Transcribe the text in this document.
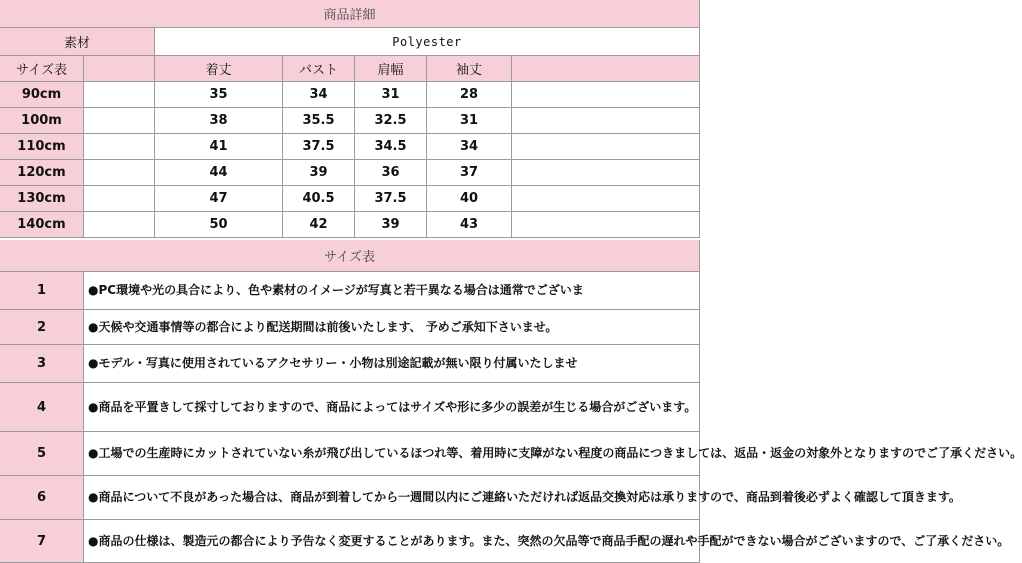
商品詳細
素材	Polyester
サイズ表	着丈	バスト	肩幅	袖丈
90cm	35	34	31	28
100m	38	35.5	32.5	31
110cm	41	37.5	34.5	34
120cm	44	39	36	37
130cm	47	40.5	37.5	40
140cm	50	42	39	43
サイズ表
1	●PC環境や光の具合により、色や素材のイメージが写真と若干異なる場合は通常でございま
2	●天候や交通事情等の都合により配送期間は前後いたします、 予めご承知下さいませ。
3	●モデル・写真に使用されているアクセサリー・小物は別途記載が無い限り付属いたしませ
4	●商品を平置きして採寸しておりますので、商品によってはサイズや形に多少の誤差が生 じる場合がございます。
5	●工場での生産時にカットされていない糸が飛び出しているほつれ等、着用時に支障がな い程度の商品につきましては、返品・返金の対象外となりますのでご了承ください。
6	●商品について不良があった場合は、商品が到着してから一週間以内にご連絡いただけれ ば返品交換対応は承りますので、商品到着後必ずよく確認して頂きます。
7	●商品の仕様は、製造元の都合により予告なく変更することがあります。また、突然の欠 品等で商品手配の遅れや手配ができない場合がございますので、ご了承ください。
